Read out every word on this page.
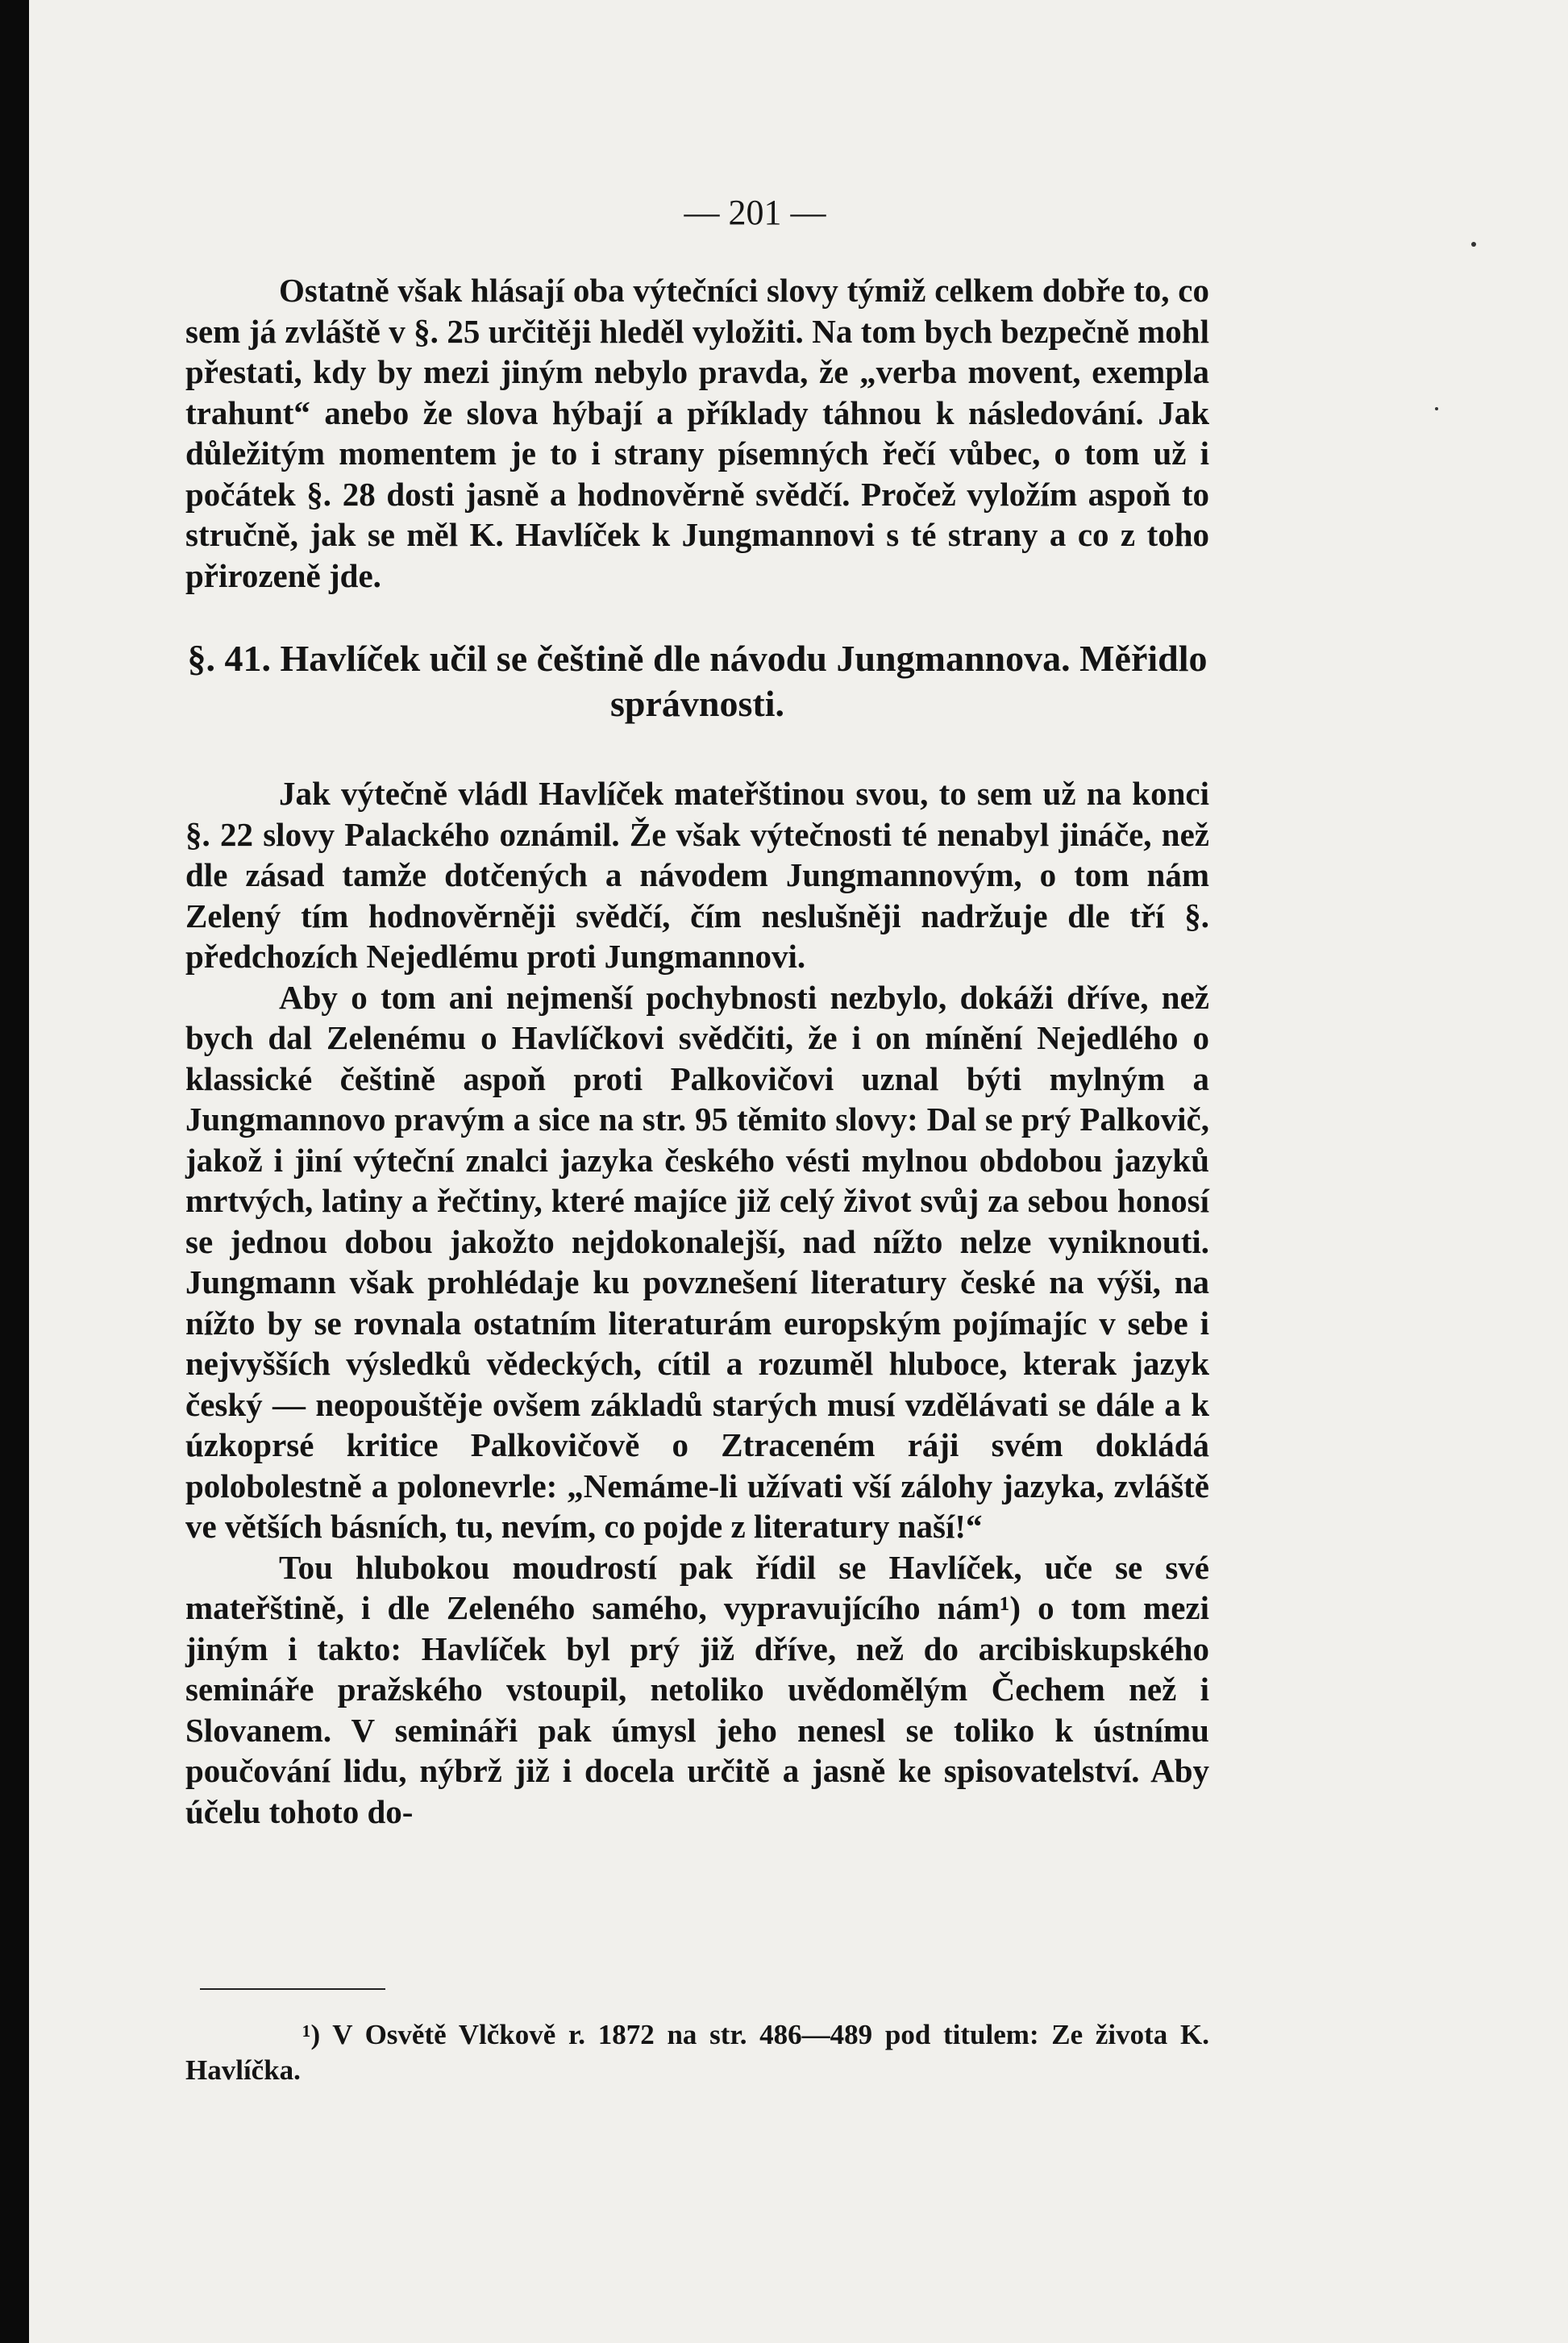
— 201 —

Ostatně však hlásají oba výtečníci slovy týmiž celkem dobře to, co sem já zvláště v §. 25 určitěji hleděl vyložiti. Na tom bych bezpečně mohl přestati, kdy by mezi jiným nebylo pravda, že „verba movent, exempla trahunt“ anebo že slova hýbají a příklady táhnou k následování. Jak důležitým momentem je to i strany písemných řečí vůbec, o tom už i počátek §. 28 dosti jasně a hodnověrně svědčí. Pročež vyložím aspoň to stručně, jak se měl K. Havlíček k Jungmannovi s té strany a co z toho přirozeně jde.

§. 41. Havlíček učil se češtině dle návodu Jungmannova. Měřidlo správnosti.

Jak výtečně vládl Havlíček mateřštinou svou, to sem už na konci §. 22 slovy Palackého oznámil. Že však výtečnosti té nenabyl jináče, než dle zásad tamže dotčených a návodem Jungmannovým, o tom nám Zelený tím hodnověrněji svědčí, čím neslušněji nadržuje dle tří §. předchozích Nejedlému proti Jungmannovi.

Aby o tom ani nejmenší pochybnosti nezbylo, dokáži dříve, než bych dal Zelenému o Havlíčkovi svědčiti, že i on mínění Nejedlého o klassické češtině aspoň proti Palkovičovi uznal býti mylným a Jungmannovo pravým a sice na str. 95 těmito slovy: Dal se prý Palkovič, jakož i jiní výteční znalci jazyka českého vésti mylnou obdobou jazyků mrtvých, latiny a řečtiny, které majíce již celý život svůj za sebou honosí se jednou dobou jakožto nejdokonalejší, nad nížto nelze vyniknouti. Jungmann však prohlédaje ku povznešení literatury české na výši, na nížto by se rovnala ostatním literaturám europským pojímajíc v sebe i nejvyšších výsledků vědeckých, cítil a rozuměl hluboce, kterak jazyk český — neopouštěje ovšem základů starých musí vzdělávati se dále a k úzkoprsé kritice Palkovičově o Ztraceném ráji svém dokládá polobolestně a polonevrle: „Nemáme-li užívati vší zálohy jazyka, zvláště ve větších básních, tu, nevím, co pojde z literatury naší!“

Tou hlubokou moudrostí pak řídil se Havlíček, uče se své mateřštině, i dle Zeleného samého, vypravujícího nám¹) o tom mezi jiným i takto: Havlíček byl prý již dříve, než do arcibiskupského semináře pražského vstoupil, netoliko uvědomělým Čechem než i Slovanem. V semináři pak úmysl jeho nenesl se toliko k ústnímu poučování lidu, nýbrž již i docela určitě a jasně ke spisovatelství. Aby účelu tohoto do-

¹) V Osvětě Vlčkově r. 1872 na str. 486—489 pod titulem: Ze života K. Havlíčka.
